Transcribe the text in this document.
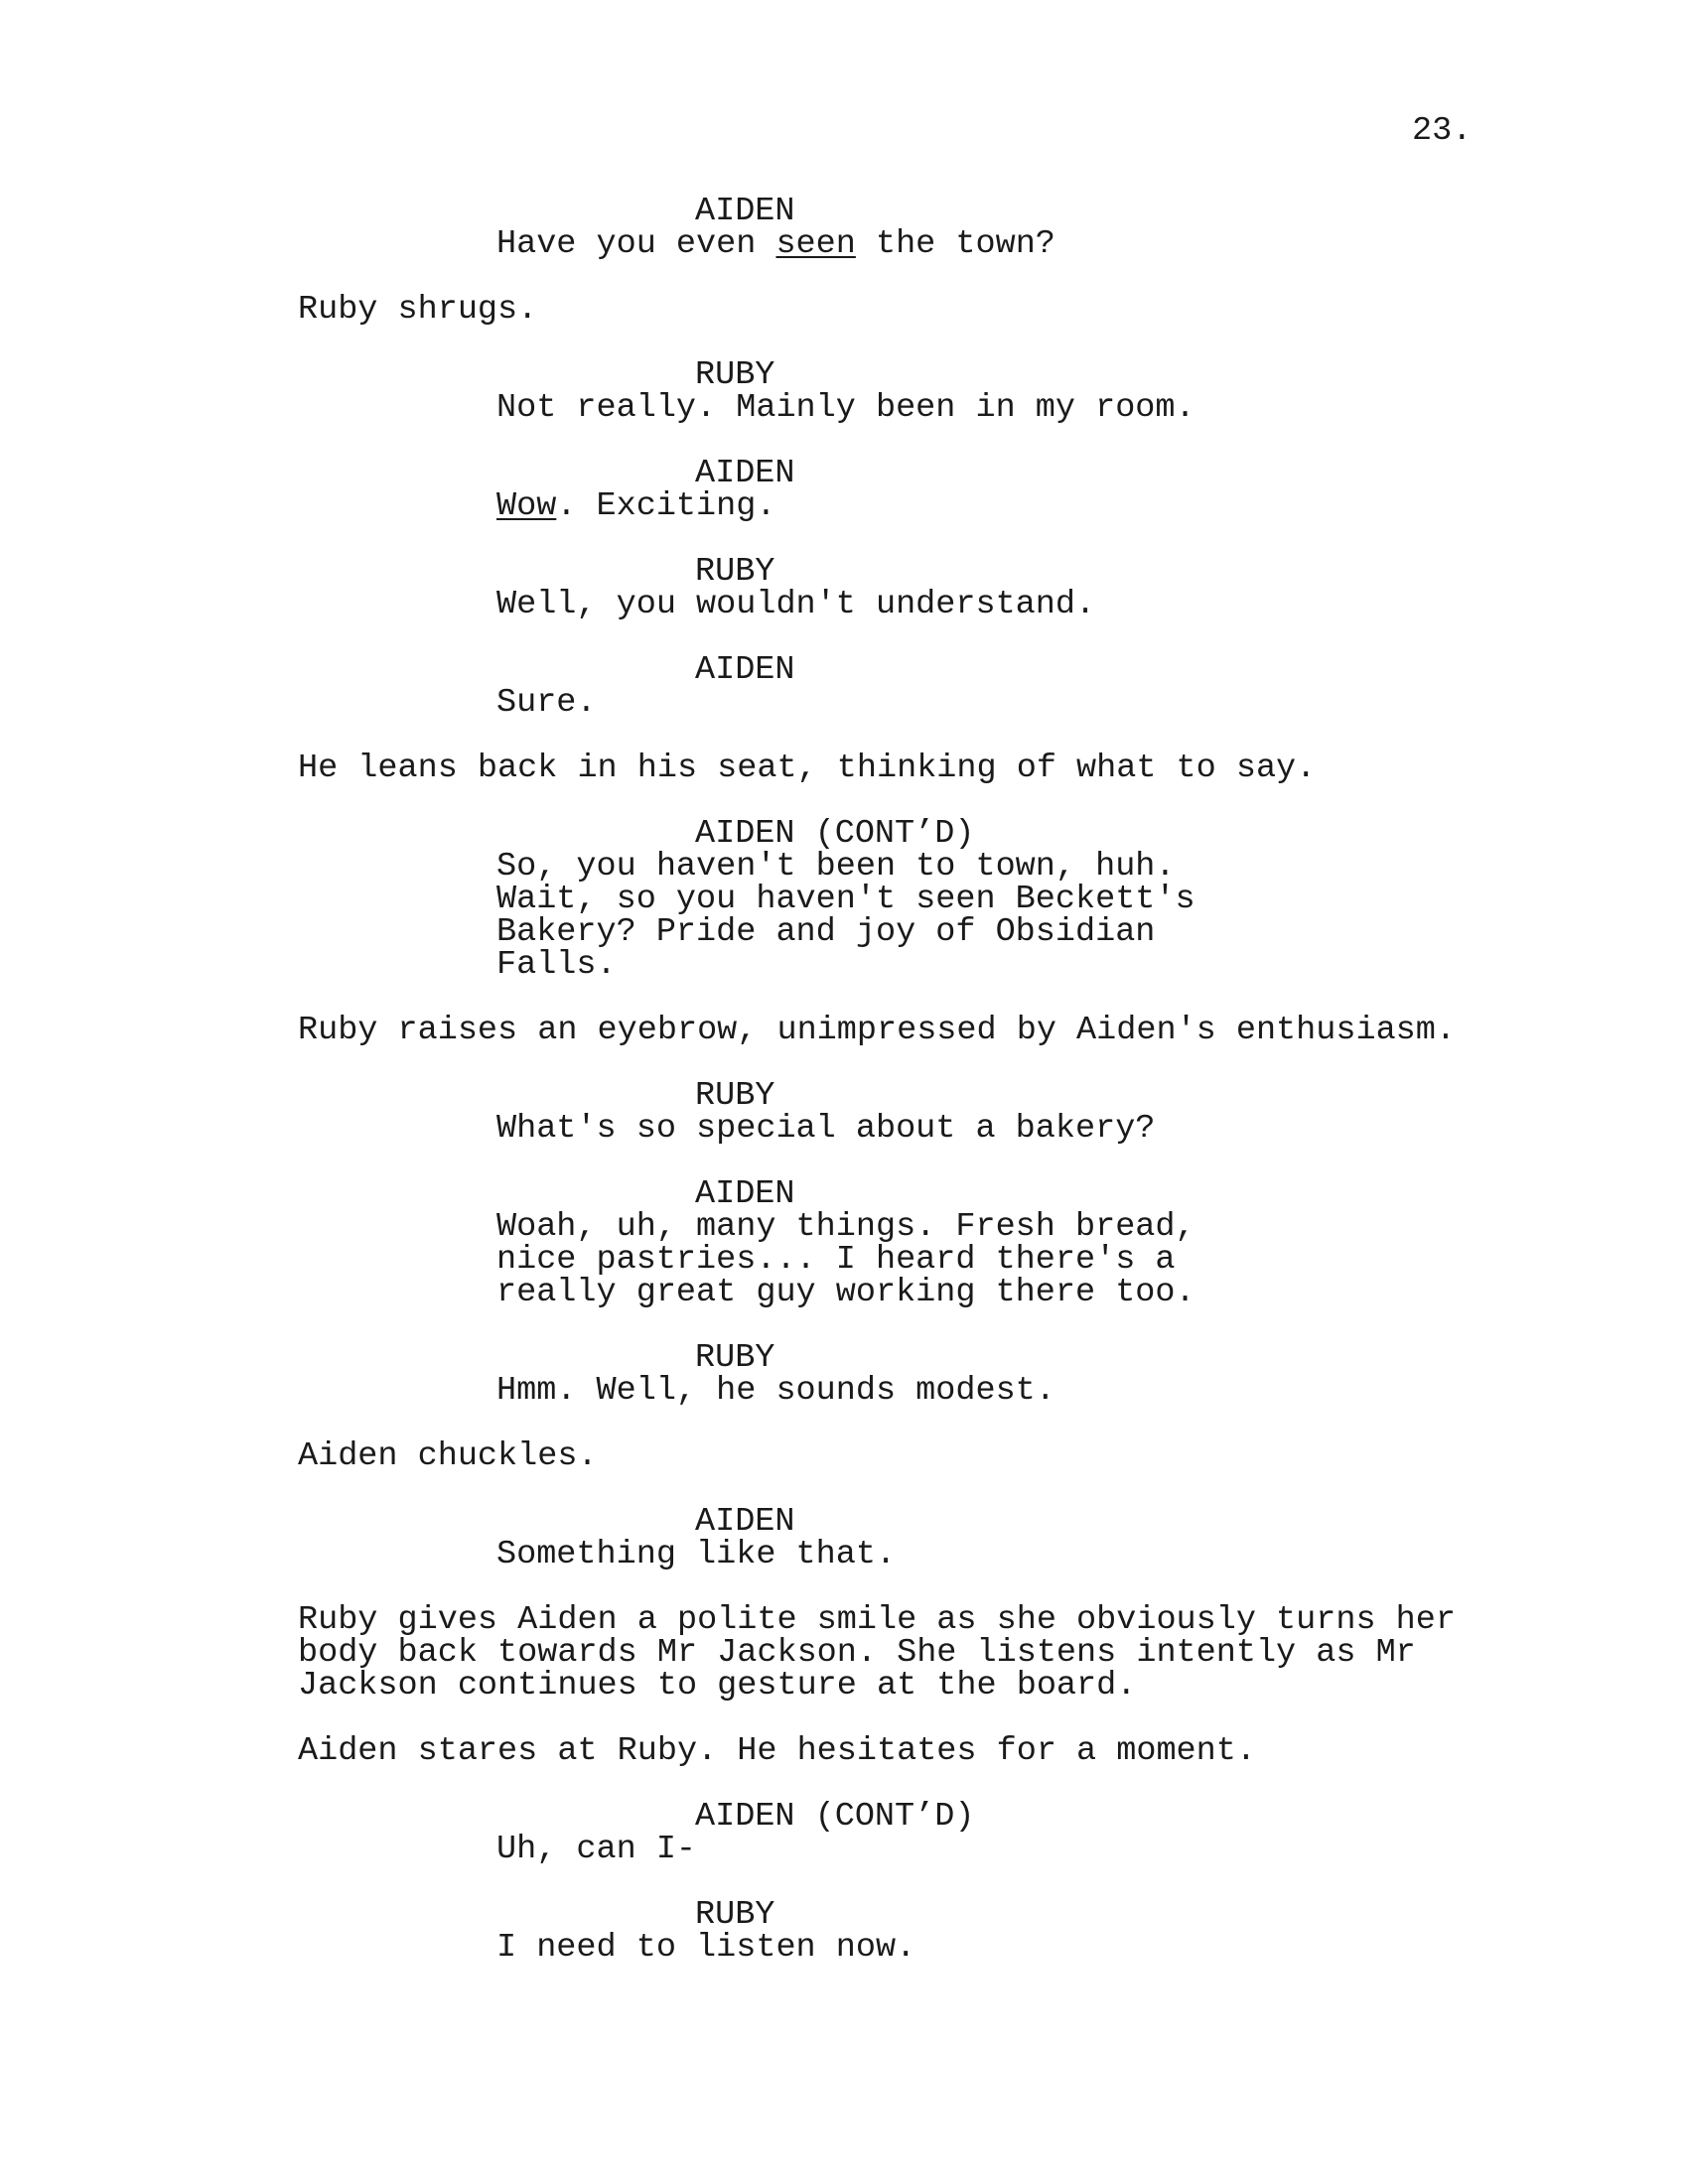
23.
AIDEN
Have you even seen the town?
Ruby shrugs.
RUBY
Not really. Mainly been in my room.
AIDEN
Wow. Exciting.
RUBY
Well, you wouldn't understand.
AIDEN
Sure.
He leans back in his seat, thinking of what to say.
AIDEN (CONT’D)
So, you haven't been to town, huh.
Wait, so you haven't seen Beckett's
Bakery? Pride and joy of Obsidian
Falls.
Ruby raises an eyebrow, unimpressed by Aiden's enthusiasm.
RUBY
What's so special about a bakery?
AIDEN
Woah, uh, many things. Fresh bread,
nice pastries... I heard there's a
really great guy working there too.
RUBY
Hmm. Well, he sounds modest.
Aiden chuckles.
AIDEN
Something like that.
Ruby gives Aiden a polite smile as she obviously turns her
body back towards Mr Jackson. She listens intently as Mr
Jackson continues to gesture at the board.
Aiden stares at Ruby. He hesitates for a moment.
AIDEN (CONT’D)
Uh, can I-
RUBY
I need to listen now.
